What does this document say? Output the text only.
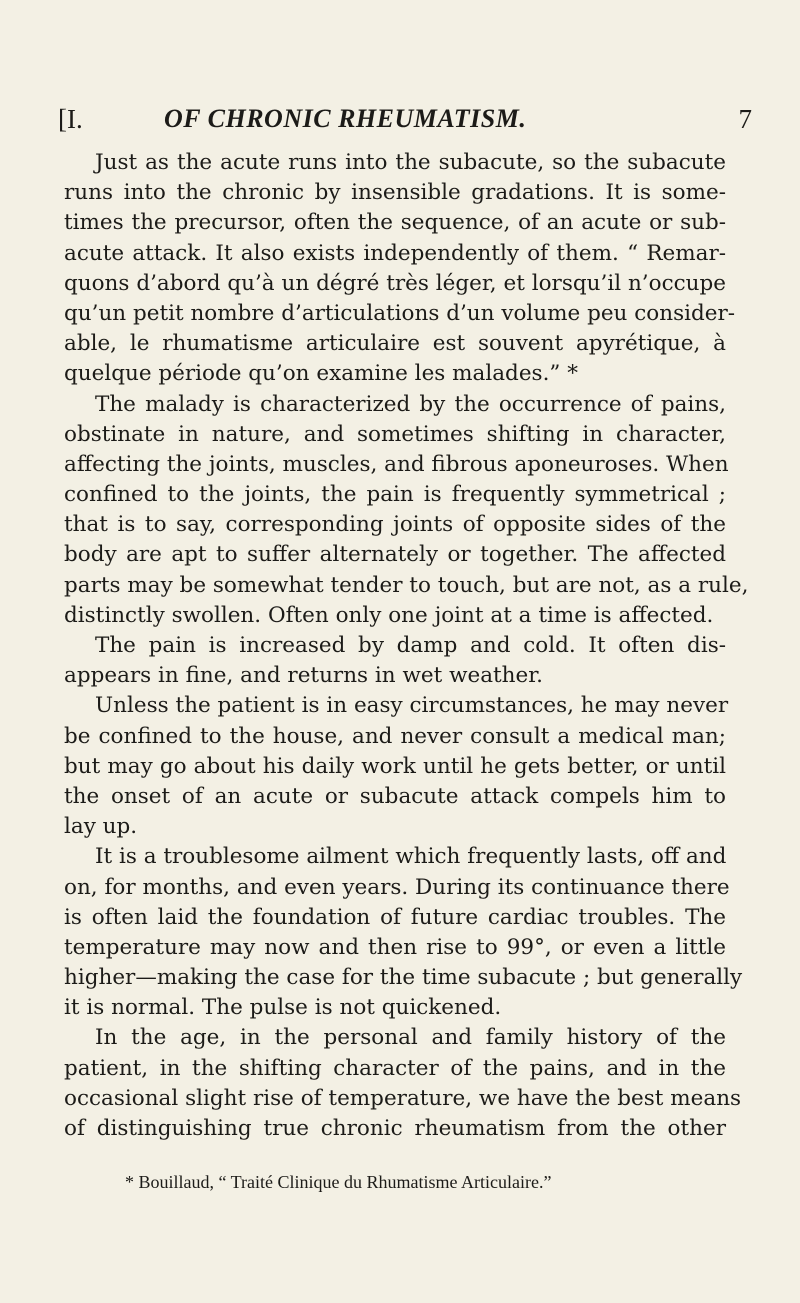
[I.	OF CHRONIC RHEUMATISM.	7
Just as the acute runs into the subacute, so the subacute
runs into the chronic by insensible gradations. It is some-
times the precursor, often the sequence, of an acute or sub-
acute attack. It also exists independently of them. “ Remar-
quons d’abord qu’à un dégré très léger, et lorsqu’il n’occupe
qu’un petit nombre d’articulations d’un volume peu consider-
able, le rhumatisme articulaire est souvent apyrétique, à
quelque période qu’on examine les malades.” *
The malady is characterized by the occurrence of pains,
obstinate in nature, and sometimes shifting in character,
affecting the joints, muscles, and fibrous aponeuroses. When
confined to the joints, the pain is frequently symmetrical ;
that is to say, corresponding joints of opposite sides of the
body are apt to suffer alternately or together. The affected
parts may be somewhat tender to touch, but are not, as a rule,
distinctly swollen. Often only one joint at a time is affected.
The pain is increased by damp and cold. It often dis-
appears in fine, and returns in wet weather.
Unless the patient is in easy circumstances, he may never
be confined to the house, and never consult a medical man;
but may go about his daily work until he gets better, or until
the onset of an acute or subacute attack compels him to
lay up.
It is a troublesome ailment which frequently lasts, off and
on, for months, and even years. During its continuance there
is often laid the foundation of future cardiac troubles. The
temperature may now and then rise to 99°, or even a little
higher—making the case for the time subacute ; but generally
it is normal. The pulse is not quickened.
In the age, in the personal and family history of the
patient, in the shifting character of the pains, and in the
occasional slight rise of temperature, we have the best means
of distinguishing true chronic rheumatism from the other
* Bouillaud, “ Traité Clinique du Rhumatisme Articulaire.”
